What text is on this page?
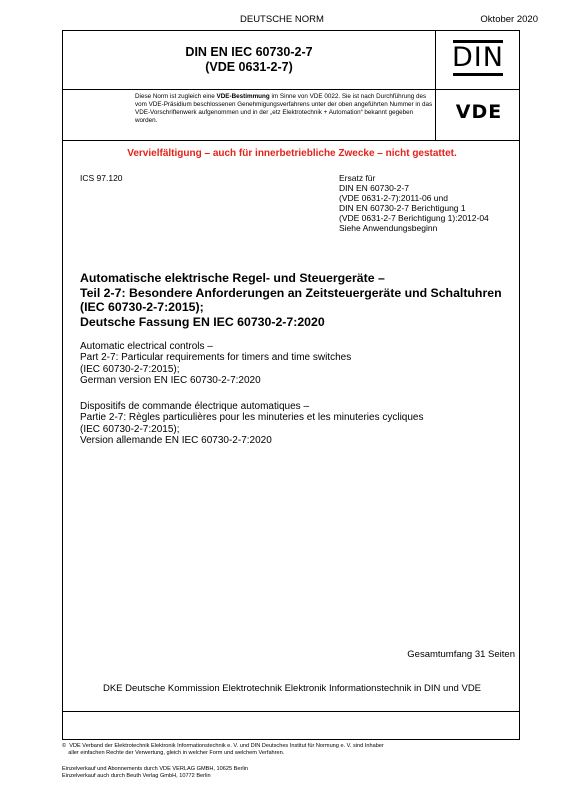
DEUTSCHE NORM	Oktober 2020
DIN EN IEC 60730-2-7
(VDE 0631-2-7)	DIN
Diese Norm ist zugleich eine VDE-Bestimmung im Sinne von VDE 0022. Sie ist nach Durchführung des vom VDE-Präsidium beschlossenen Genehmigungsverfahrens unter der oben angeführten Nummer in das VDE-Vorschriftenwerk aufgenommen und in der „etz Elektrotechnik + Automation“ bekannt gegeben worden.	VDE
Vervielfältigung – auch für innerbetriebliche Zwecke – nicht gestattet.
ICS 97.120	Ersatz für
DIN EN 60730-2-7
(VDE 0631-2-7):2011-06 und
DIN EN 60730-2-7 Berichtigung 1
(VDE 0631-2-7 Berichtigung 1):2012-04
Siehe Anwendungsbeginn
Automatische elektrische Regel- und Steuergeräte –
Teil 2-7: Besondere Anforderungen an Zeitsteuergeräte und Schaltuhren
(IEC 60730-2-7:2015);
Deutsche Fassung EN IEC 60730-2-7:2020
Automatic electrical controls –
Part 2-7: Particular requirements for timers and time switches
(IEC 60730-2-7:2015);
German version EN IEC 60730-2-7:2020
Dispositifs de commande électrique automatiques –
Partie 2-7: Règles particulières pour les minuteries et les minuteries cycliques
(IEC 60730-2-7:2015);
Version allemande EN IEC 60730-2-7:2020
Gesamtumfang 31 Seiten
DKE Deutsche Kommission Elektrotechnik Elektronik Informationstechnik in DIN und VDE
©  VDE Verband der Elektrotechnik Elektronik Informationstechnik e. V. und DIN Deutsches Institut für Normung e. V. sind Inhaber
aller einfachen Rechte der Verwertung, gleich in welcher Form und welchem Verfahren.
Einzelverkauf und Abonnements durch VDE VERLAG GMBH, 10625 Berlin
Einzelverkauf auch durch Beuth Verlag GmbH, 10772 Berlin
